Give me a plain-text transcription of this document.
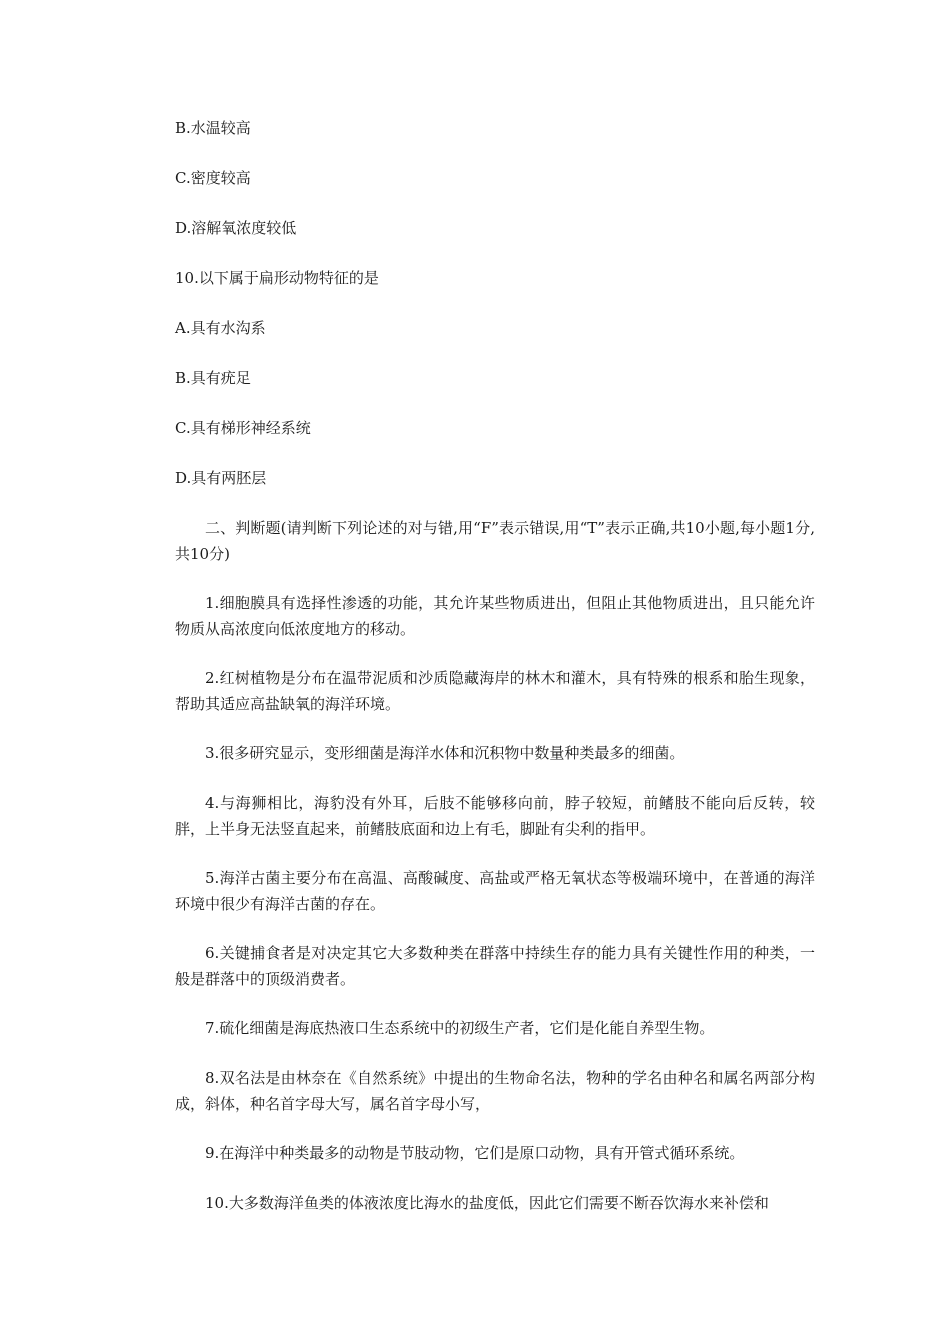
B.水温较高
C.密度较高
D.溶解氧浓度较低
10.以下属于扁形动物特征的是
A.具有水沟系
B.具有疣足
C.具有梯形神经系统
D.具有两胚层
二、判断题(请判断下列论述的对与错,用“F”表示错误,用“T”表示正确,共10小题,每小题1分,共10分)
1.细胞膜具有选择性渗透的功能，其允许某些物质进出，但阻止其他物质进出，且只能允许物质从高浓度向低浓度地方的移动。
2.红树植物是分布在温带泥质和沙质隐藏海岸的林木和灌木，具有特殊的根系和胎生现象，帮助其适应高盐缺氧的海洋环境。
3.很多研究显示，变形细菌是海洋水体和沉积物中数量种类最多的细菌。
4.与海狮相比，海豹没有外耳，后肢不能够移向前，脖子较短，前鳍肢不能向后反转，较胖，上半身无法竖直起来，前鳍肢底面和边上有毛，脚趾有尖利的指甲。
5.海洋古菌主要分布在高温、高酸碱度、高盐或严格无氧状态等极端环境中，在普通的海洋环境中很少有海洋古菌的存在。
6.关键捕食者是对决定其它大多数种类在群落中持续生存的能力具有关键性作用的种类，一般是群落中的顶级消费者。
7.硫化细菌是海底热液口生态系统中的初级生产者，它们是化能自养型生物。
8.双名法是由林奈在《自然系统》中提出的生物命名法，物种的学名由种名和属名两部分构成，斜体，种名首字母大写，属名首字母小写，
9.在海洋中种类最多的动物是节肢动物，它们是原口动物，具有开管式循环系统。
10.大多数海洋鱼类的体液浓度比海水的盐度低，因此它们需要不断吞饮海水来补偿和
